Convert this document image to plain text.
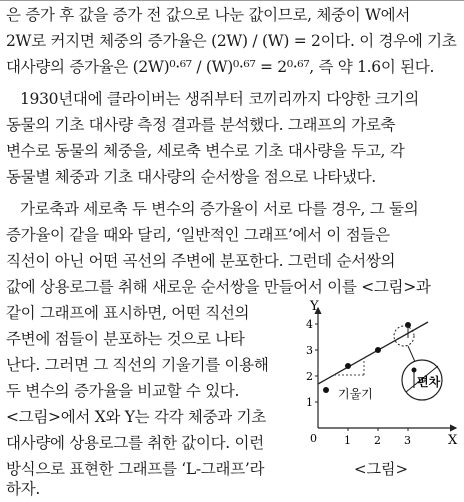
은 증가 후 값을 증가 전 값으로 나눈 값이므로, 체중이 W에서
2W로 커지면 체중의 증가율은 (2W) / (W) = 2이다. 이 경우에 기초
대사량의 증가율은 (2W)⁰·⁶⁷ / (W)⁰·⁶⁷ = 2⁰·⁶⁷, 즉 약 1.6이 된다.
1930년대에 클라이버는 생쥐부터 코끼리까지 다양한 크기의
동물의 기초 대사량 측정 결과를 분석했다. 그래프의 가로축
변수로 동물의 체중을, 세로축 변수로 기초 대사량을 두고, 각
동물별 체중과 기초 대사량의 순서쌍을 점으로 나타냈다.
가로축과 세로축 두 변수의 증가율이 서로 다를 경우, 그 둘의
증가율이 같을 때와 달리, ‘일반적인 그래프’에서 이 점들은
직선이 아닌 어떤 곡선의 주변에 분포한다. 그런데 순서쌍의
값에 상용로그를 취해 새로운 순서쌍을 만들어서 이를 <그림>과
같이 그래프에 표시하면, 어떤 직선의
주변에 점들이 분포하는 것으로 나타
난다. 그러면 그 직선의 기울기를 이용해
두 변수의 증가율을 비교할 수 있다.
<그림>에서 X와 Y는 각각 체중과 기초
대사량에 상용로그를 취한 값이다. 이런
방식으로 표현한 그래프를 ‘L-그래프’라
하자.
Y
X
0
1
2
3
4
1 2 3
기울기
편차
<그림>
